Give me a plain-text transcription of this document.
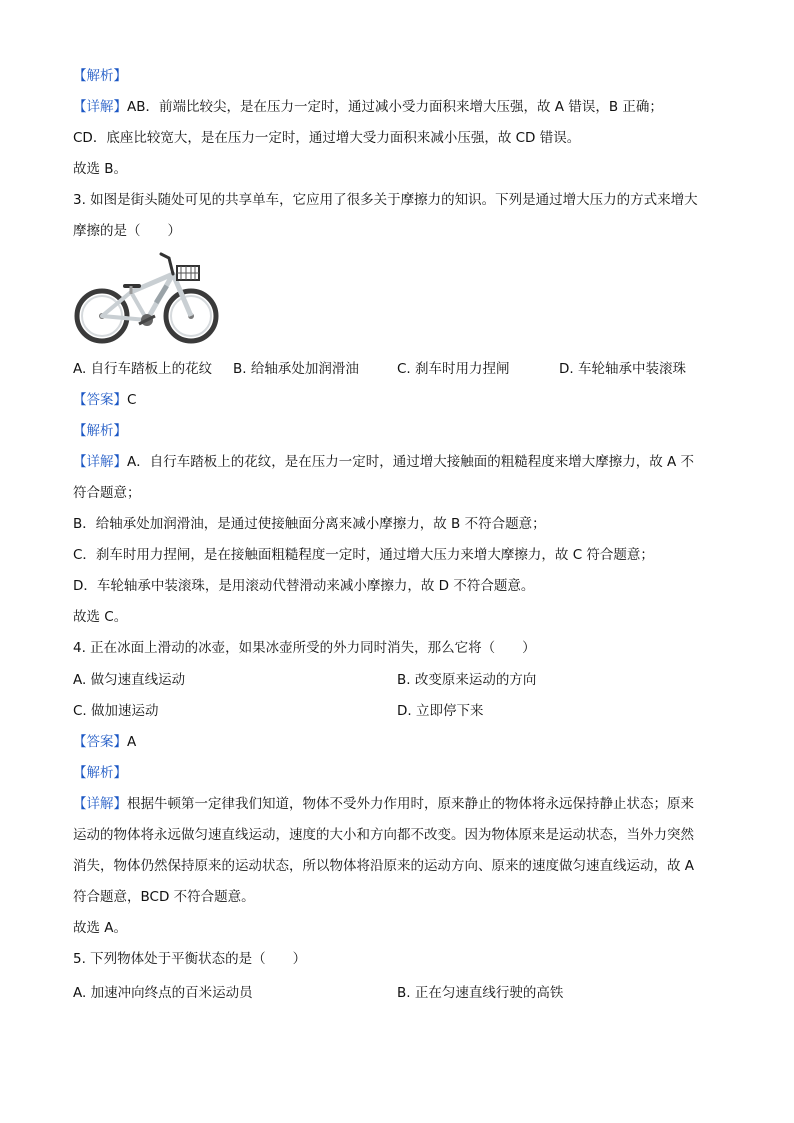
【解析】
【详解】AB．前端比较尖，是在压力一定时，通过减小受力面积来增大压强，故 A 错误，B 正确；
CD．底座比较宽大，是在压力一定时，通过增大受力面积来减小压强，故 CD 错误。
故选 B。
3. 如图是街头随处可见的共享单车，它应用了很多关于摩擦力的知识。下列是通过增大压力的方式来增大
摩擦的是（　　）
A. 自行车踏板上的花纹 B. 给轴承处加润滑油	C. 刹车时用力捏闸	D. 车轮轴承中装滚珠
【答案】C
【解析】
【详解】A．自行车踏板上的花纹，是在压力一定时，通过增大接触面的粗糙程度来增大摩擦力，故 A 不
符合题意；
B．给轴承处加润滑油，是通过使接触面分离来减小摩擦力，故 B 不符合题意；
C．刹车时用力捏闸，是在接触面粗糙程度一定时，通过增大压力来增大摩擦力，故 C 符合题意；
D．车轮轴承中装滚珠，是用滚动代替滑动来减小摩擦力，故 D 不符合题意。
故选 C。
4. 正在冰面上滑动的冰壶，如果冰壶所受的外力同时消失，那么它将（　　）
A. 做匀速直线运动	B. 改变原来运动的方向
C. 做加速运动	D. 立即停下来
【答案】A
【解析】
【详解】根据牛顿第一定律我们知道，物体不受外力作用时，原来静止的物体将永远保持静止状态；原来
运动的物体将永远做匀速直线运动，速度的大小和方向都不改变。因为物体原来是运动状态，当外力突然
消失，物体仍然保持原来的运动状态，所以物体将沿原来的运动方向、原来的速度做匀速直线运动，故 A
符合题意，BCD 不符合题意。
故选 A。
5. 下列物体处于平衡状态的是（　　）
A. 加速冲向终点的百米运动员	B. 正在匀速直线行驶的高铁
